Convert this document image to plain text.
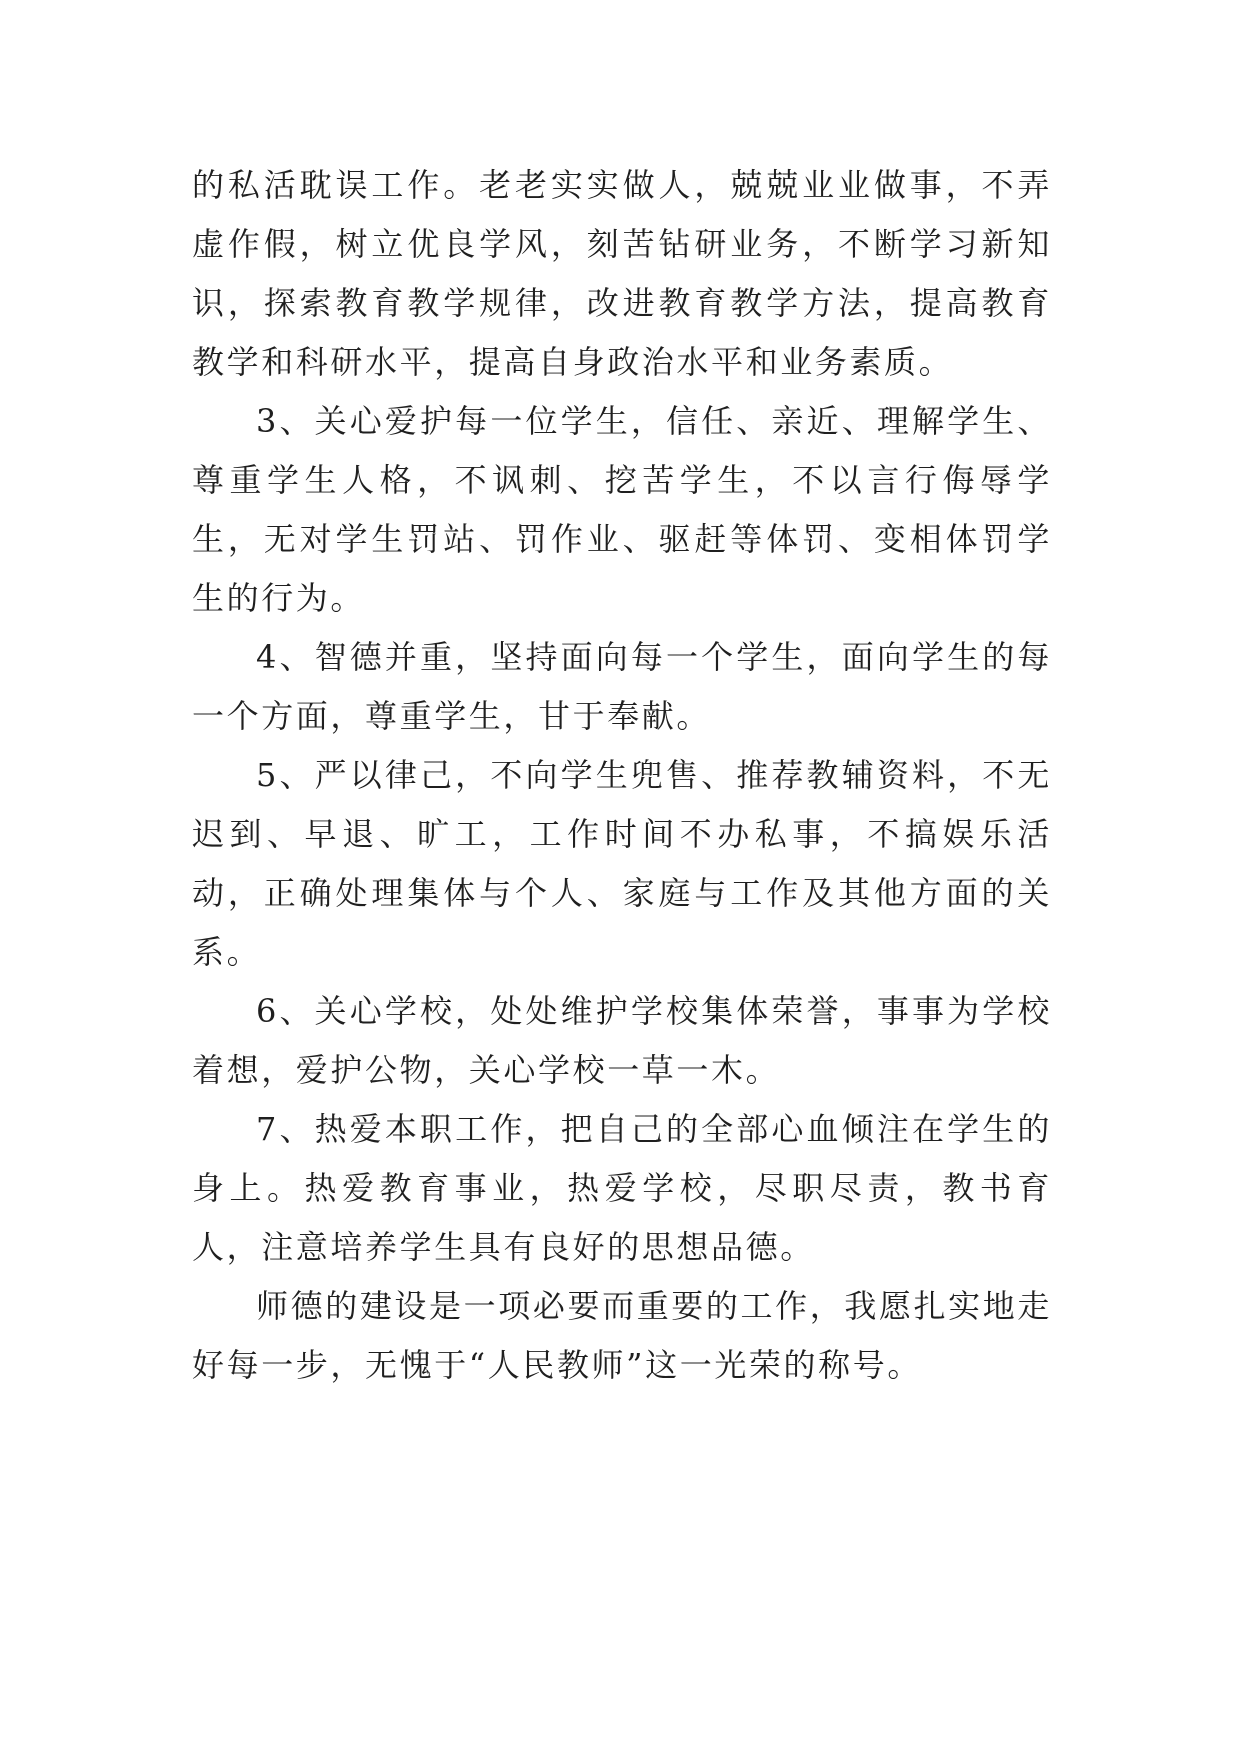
的私活耽误工作。老老实实做人，兢兢业业做事，不弄虚作假，树立优良学风，刻苦钻研业务，不断学习新知识，探索教育教学规律，改进教育教学方法，提高教育教学和科研水平，提高自身政治水平和业务素质。

3、关心爱护每一位学生，信任、亲近、理解学生、尊重学生人格，不讽刺、挖苦学生，不以言行侮辱学生，无对学生罚站、罚作业、驱赶等体罚、变相体罚学生的行为。

4、智德并重，坚持面向每一个学生，面向学生的每一个方面，尊重学生，甘于奉献。

5、严以律己，不向学生兜售、推荐教辅资料，不无迟到、早退、旷工，工作时间不办私事，不搞娱乐活动，正确处理集体与个人、家庭与工作及其他方面的关系。

6、关心学校，处处维护学校集体荣誉，事事为学校着想，爱护公物，关心学校一草一木。

7、热爱本职工作，把自己的全部心血倾注在学生的身上。热爱教育事业，热爱学校，尽职尽责，教书育人，注意培养学生具有良好的思想品德。

师德的建设是一项必要而重要的工作，我愿扎实地走好每一步，无愧于“人民教师”这一光荣的称号。
